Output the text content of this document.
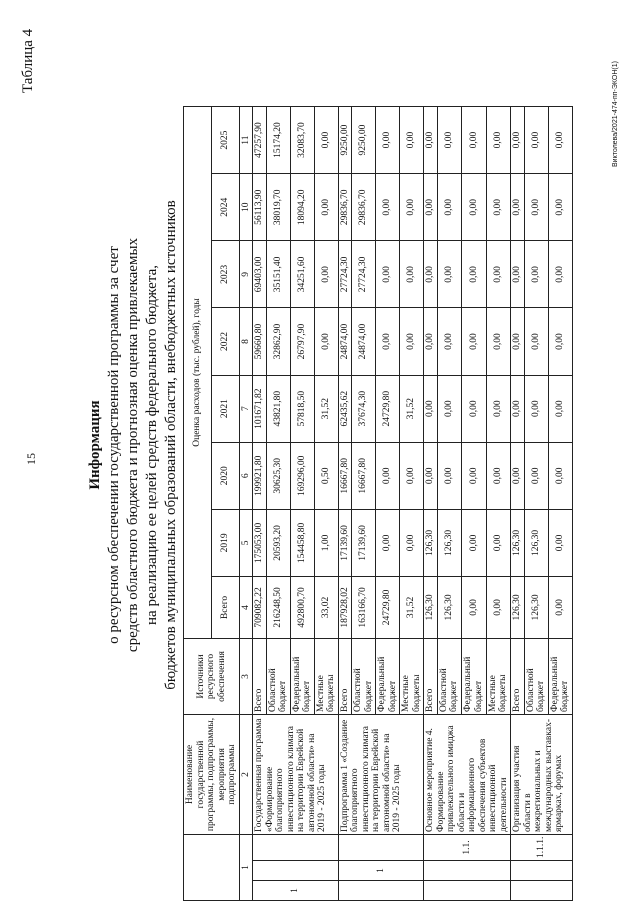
15
Таблица 4
Информация о ресурсном обеспечении государственной программы за счет средств областного бюджета и прогнозная оценка привлекаемых на реализацию ее целей средств федерального бюджета, бюджетов муниципальных образований области, внебюджетных источников
			Наименование государственной программы, подпрограммы, мероприятия подпрограммы	Источники ресурсного обеспечения	Оценка расходов (тыс. рублей), годы							
					Всего	2019	2020	2021	2022	2023	2024	2025
1			2	3	4	5	6	7	8	9	10	11
1			Государственная программа «Формирование благоприятного инвестиционного климата на территории Еврейской автономной области» на 2019 - 2025 годы	Всего	709082,22	175053,00	199921,80	101671,82	59660,80	69403,00	56113,90	47257,90
				Областной бюджет	216248,50	20593,20	30625,30	43821,80	32862,90	35151,40	38019,70	15174,20
				Федеральный бюджет	492800,70	154458,80	169296,00	57818,50	26797,90	34251,60	18094,20	32083,70
				Местные бюджеты	33,02	1,00	0,50	31,52	0,00	0,00	0,00	0,00
	1		Подпрограмма 1 «Создание благоприятного инвестиционного климата на территории Еврейской автономной области» на 2019 - 2025 годы	Всего	187928,02	17139,60	16667,80	62435,62	24874,00	27724,30	29836,70	9250,00
				Областной бюджет	163166,70	17139,60	16667,80	37674,30	24874,00	27724,30	29836,70	9250,00
				Федеральный бюджет	24729,80	0,00	0,00	24729,80	0,00	0,00	0,00	0,00
				Местные бюджеты	31,52	0,00	0,00	31,52	0,00	0,00	0,00	0,00
		1.1.	Основное мероприятие 4. Формирование привлекательного имиджа области и информационного обеспечения субъектов инвестиционной деятельности	Всего	126,30	126,30	0,00	0,00	0,00	0,00	0,00	0,00
				Областной бюджет	126,30	126,30	0,00	0,00	0,00	0,00	0,00	0,00
				Федеральный бюджет	0,00	0,00	0,00	0,00	0,00	0,00	0,00	0,00
				Местные бюджеты	0,00	0,00	0,00	0,00	0,00	0,00	0,00	0,00
		1.1.1.	Организация участия области в межрегиональных и международных выставках-ярмарках, форумах	Всего	126,30	126,30	0,00	0,00	0,00	0,00	0,00	0,00
				Областной бюджет	126,30	126,30	0,00	0,00	0,00	0,00	0,00	0,00
				Федеральный бюджет	0,00	0,00	0,00	0,00	0,00	0,00	0,00	0,00	Виктолева/2021-474-пп-ЭКОН(1)
